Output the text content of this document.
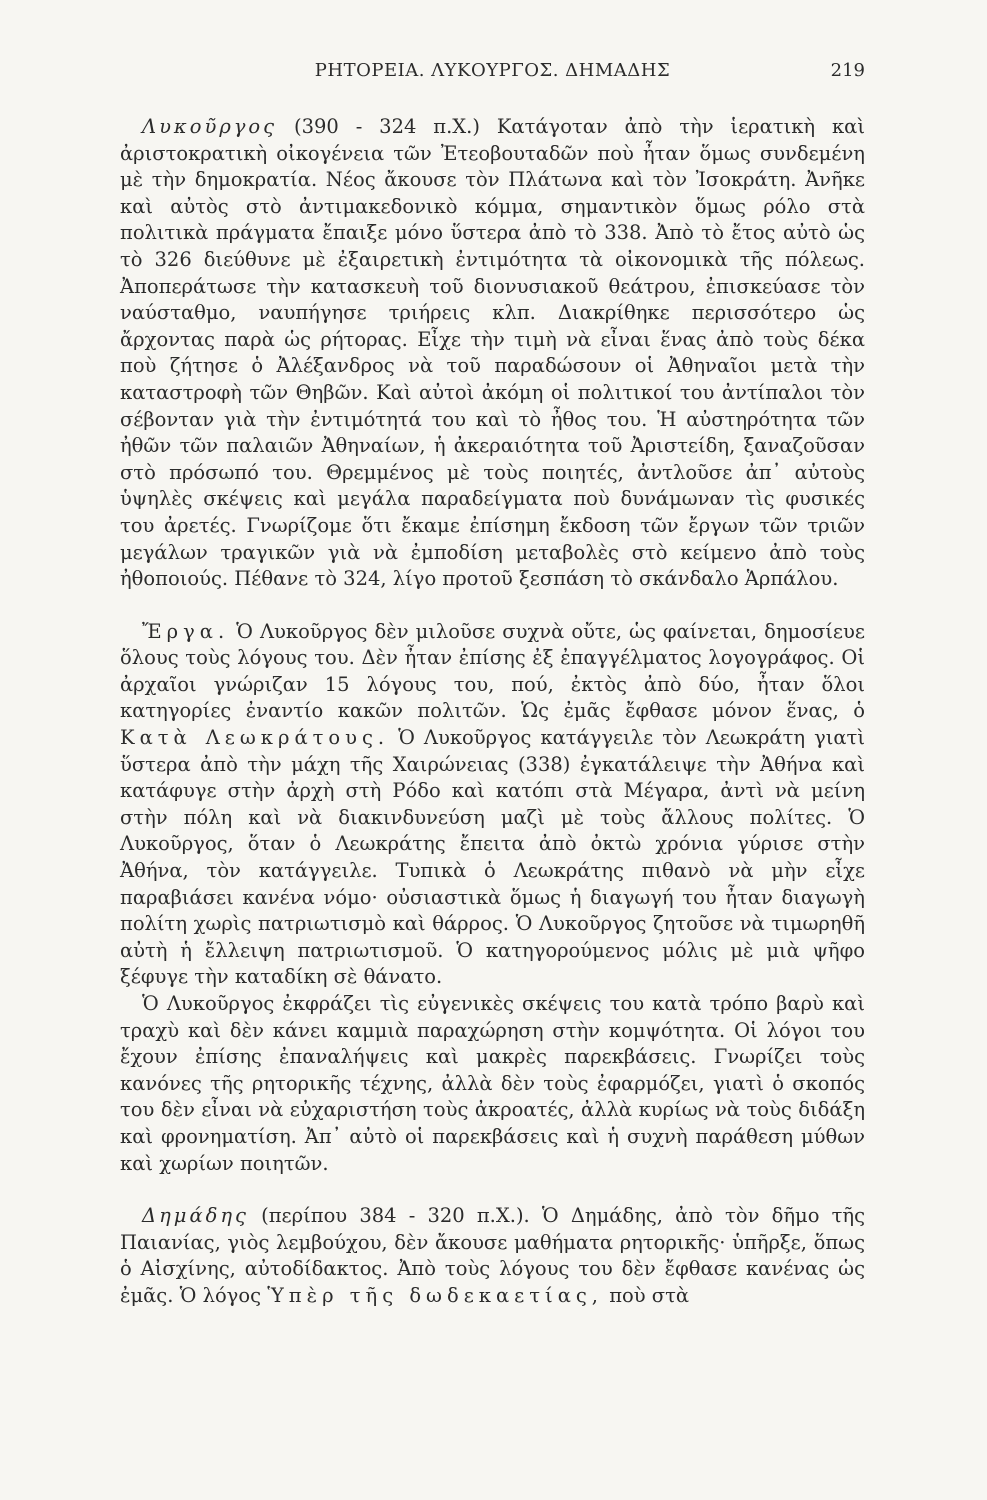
ΡΗΤΟΡΕΙΑ. ΛΥΚΟΥΡΓΟΣ. ΔΗΜΑΔΗΣ	219

Λυκοῦργος (390 - 324 π.Χ.) Κατάγοταν ἀπὸ τὴν ἱερατικὴ καὶ ἀριστοκρατικὴ οἰκογένεια τῶν Ἐτεοβουταδῶν ποὺ ἦταν ὅμως συνδεμένη μὲ τὴν δημοκρατία. Νέος ἄκουσε τὸν Πλάτωνα καὶ τὸν Ἰσοκράτη. Ἀνῆκε καὶ αὐτὸς στὸ ἀντιμακεδονικὸ κόμμα, σημαντικὸν ὅμως ρόλο στὰ πολιτικὰ πράγματα ἔπαιξε μόνο ὕστερα ἀπὸ τὸ 338. Ἀπὸ τὸ ἔτος αὐτὸ ὡς τὸ 326 διεύθυνε μὲ ἐξαιρετικὴ ἐντιμότητα τὰ οἰκονομικὰ τῆς πόλεως. Ἀποπεράτωσε τὴν κατασκευὴ τοῦ διονυσιακοῦ θεάτρου, ἐπισκεύασε τὸν ναύσταθμο, ναυπήγησε τριήρεις κλπ. Διακρίθηκε περισσότερο ὡς ἄρχοντας παρὰ ὡς ρήτορας. Εἶχε τὴν τιμὴ νὰ εἶναι ἕνας ἀπὸ τοὺς δέκα ποὺ ζήτησε ὁ Ἀλέξανδρος νὰ τοῦ παραδώσουν οἱ Ἀθηναῖοι μετὰ τὴν καταστροφὴ τῶν Θηβῶν. Καὶ αὐτοὶ ἀκόμη οἱ πολιτικοί του ἀντίπαλοι τὸν σέβονταν γιὰ τὴν ἐντιμότητά του καὶ τὸ ἦθος του. Ἡ αὐστηρότητα τῶν ἠθῶν τῶν παλαιῶν Ἀθηναίων, ἡ ἀκεραιότητα τοῦ Ἀριστείδη, ξαναζοῦσαν στὸ πρόσωπό του. Θρεμμένος μὲ τοὺς ποιητές, ἀντλοῦσε ἀπ᾿ αὐτοὺς ὑψηλὲς σκέψεις καὶ μεγάλα παραδείγματα ποὺ δυνάμωναν τὶς φυσικές του ἀρετές. Γνωρίζομε ὅτι ἔκαμε ἐπίσημη ἔκδοση τῶν ἔργων τῶν τριῶν μεγάλων τραγικῶν γιὰ νὰ ἐμποδίση μεταβολὲς στὸ κείμενο ἀπὸ τοὺς ἠθοποιούς. Πέθανε τὸ 324, λίγο προτοῦ ξεσπάση τὸ σκάνδαλο Ἁρπάλου.

Ἔργα. Ὁ Λυκοῦργος δὲν μιλοῦσε συχνὰ οὔτε, ὡς φαίνεται, δημοσίευε ὅλους τοὺς λόγους του. Δὲν ἦταν ἐπίσης ἐξ ἐπαγγέλματος λογογράφος. Οἱ ἀρχαῖοι γνώριζαν 15 λόγους του, πού, ἐκτὸς ἀπὸ δύο, ἦταν ὅλοι κατηγορίες ἐναντίο κακῶν πολιτῶν. Ὡς ἐμᾶς ἔφθασε μόνον ἕνας, ὁ Κατὰ Λεωκράτους. Ὁ Λυκοῦργος κατάγγειλε τὸν Λεωκράτη γιατὶ ὕστερα ἀπὸ τὴν μάχη τῆς Χαιρώνειας (338) ἐγκατάλειψε τὴν Ἀθήνα καὶ κατάφυγε στὴν ἀρχὴ στὴ Ρόδο καὶ κατόπι στὰ Μέγαρα, ἀντὶ νὰ μείνη στὴν πόλη καὶ νὰ διακινδυνεύση μαζὶ μὲ τοὺς ἄλλους πολίτες. Ὁ Λυκοῦργος, ὅταν ὁ Λεωκράτης ἔπειτα ἀπὸ ὀκτὼ χρόνια γύρισε στὴν Ἀθήνα, τὸν κατάγγειλε. Τυπικὰ ὁ Λεωκράτης πιθανὸ νὰ μὴν εἶχε παραβιάσει κανένα νόμο· οὐσιαστικὰ ὅμως ἡ διαγωγή του ἦταν διαγωγὴ πολίτη χωρὶς πατριωτισμὸ καὶ θάρρος. Ὁ Λυκοῦργος ζητοῦσε νὰ τιμωρηθῆ αὐτὴ ἡ ἔλλειψη πατριωτισμοῦ. Ὁ κατηγορούμενος μόλις μὲ μιὰ ψῆφο ξέφυγε τὴν καταδίκη σὲ θάνατο.

Ὁ Λυκοῦργος ἐκφράζει τὶς εὐγενικὲς σκέψεις του κατὰ τρόπο βαρὺ καὶ τραχὺ καὶ δὲν κάνει καμμιὰ παραχώρηση στὴν κομψότητα. Οἱ λόγοι του ἔχουν ἐπίσης ἐπαναλήψεις καὶ μακρὲς παρεκβάσεις. Γνωρίζει τοὺς κανόνες τῆς ρητορικῆς τέχνης, ἀλλὰ δὲν τοὺς ἐφαρμόζει, γιατὶ ὁ σκοπός του δὲν εἶναι νὰ εὐχαριστήση τοὺς ἀκροατές, ἀλλὰ κυρίως νὰ τοὺς διδάξη καὶ φρονηματίση. Ἀπ᾿ αὐτὸ οἱ παρεκβάσεις καὶ ἡ συχνὴ παράθεση μύθων καὶ χωρίων ποιητῶν.

Δημάδης (περίπου 384 - 320 π.Χ.). Ὁ Δημάδης, ἀπὸ τὸν δῆμο τῆς Παιανίας, γιὸς λεμβούχου, δὲν ἄκουσε μαθήματα ρητορικῆς· ὑπῆρξε, ὅπως ὁ Αἰσχίνης, αὐτοδίδακτος. Ἀπὸ τοὺς λόγους του δὲν ἔφθασε κανένας ὡς ἐμᾶς. Ὁ λόγος Ὑπὲρ τῆς δωδεκαετίας, ποὺ στὰ
